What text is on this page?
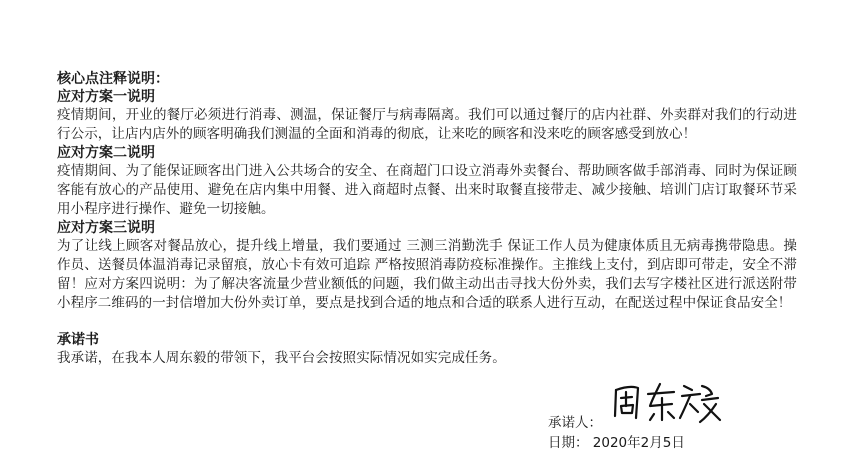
核心点注释说明：

应对方案一说明

疫情期间，开业的餐厅必须进行消毒、测温，保证餐厅与病毒隔离。我们可以通过餐厅的店内社群、外卖群对我们的行动进行公示，让店内店外的顾客明确我们测温的全面和消毒的彻底，让来吃的顾客和没来吃的顾客感受到放心！

应对方案二说明

疫情期间、为了能保证顾客出门进入公共场合的安全、在商超门口设立消毒外卖餐台、帮助顾客做手部消毒、同时为保证顾客能有放心的产品使用、避免在店内集中用餐、进入商超时点餐、出来时取餐直接带走、减少接触、培训门店订取餐环节采用小程序进行操作、避免一切接触。

应对方案三说明

为了让线上顾客对餐品放心，提升线上增量，我们要通过 三测三消勤洗手 保证工作人员为健康体质且无病毒携带隐患。操作员、送餐员体温消毒记录留痕，放心卡有效可追踪 严格按照消毒防疫标准操作。主推线上支付，到店即可带走，安全不滞留！应对方案四说明：为了解决客流量少营业额低的问题，我们做主动出击寻找大份外卖，我们去写字楼社区进行派送附带小程序二维码的一封信增加大份外卖订单，要点是找到合适的地点和合适的联系人进行互动，在配送过程中保证食品安全！

承诺书

我承诺，在我本人周东毅的带领下，我平台会按照实际情况如实完成任务。

承诺人：
日期： 2020年2月5日
